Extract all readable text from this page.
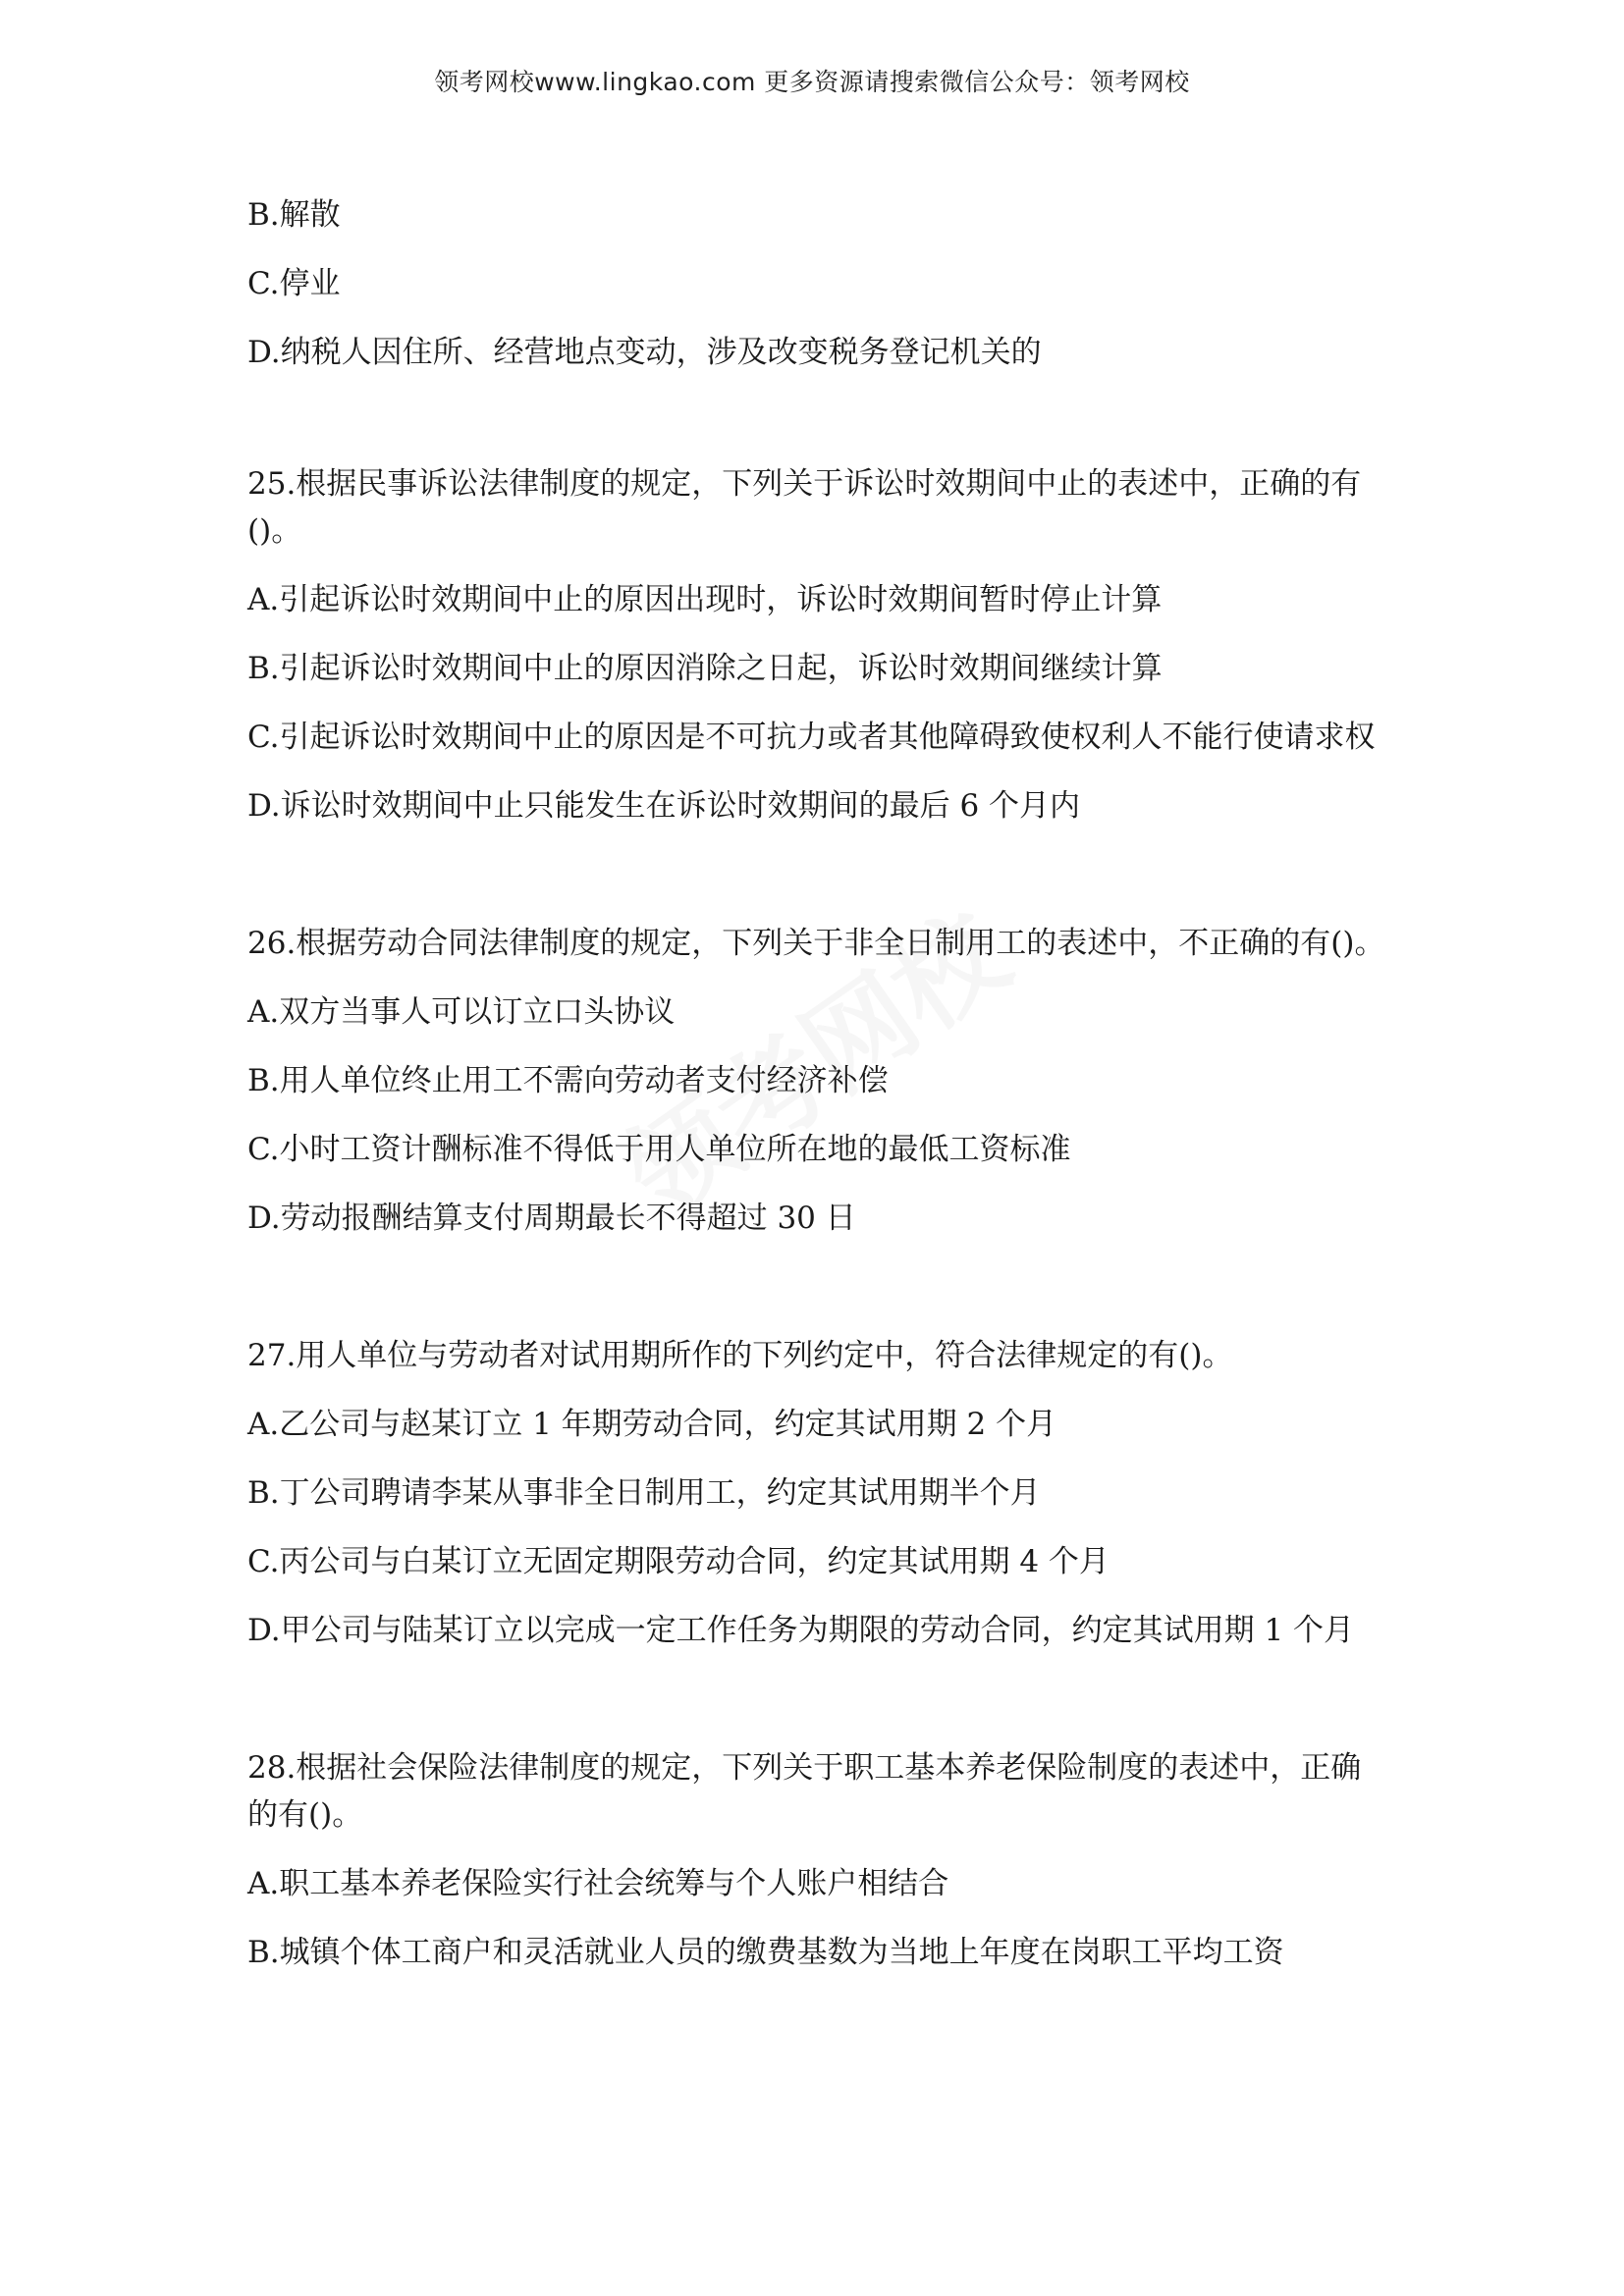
领考网校www.lingkao.com 更多资源请搜索微信公众号：领考网校

B.解散

C.停业

D.纳税人因住所、经营地点变动，涉及改变税务登记机关的

25.根据民事诉讼法律制度的规定，下列关于诉讼时效期间中止的表述中，正确的有()。

A.引起诉讼时效期间中止的原因出现时，诉讼时效期间暂时停止计算

B.引起诉讼时效期间中止的原因消除之日起，诉讼时效期间继续计算

C.引起诉讼时效期间中止的原因是不可抗力或者其他障碍致使权利人不能行使请求权

D.诉讼时效期间中止只能发生在诉讼时效期间的最后 6 个月内

26.根据劳动合同法律制度的规定，下列关于非全日制用工的表述中，不正确的有()。

A.双方当事人可以订立口头协议

B.用人单位终止用工不需向劳动者支付经济补偿

C.小时工资计酬标准不得低于用人单位所在地的最低工资标准

D.劳动报酬结算支付周期最长不得超过 30 日

27.用人单位与劳动者对试用期所作的下列约定中，符合法律规定的有()。

A.乙公司与赵某订立 1 年期劳动合同，约定其试用期 2 个月

B.丁公司聘请李某从事非全日制用工，约定其试用期半个月

C.丙公司与白某订立无固定期限劳动合同，约定其试用期 4 个月

D.甲公司与陆某订立以完成一定工作任务为期限的劳动合同，约定其试用期 1 个月

28.根据社会保险法律制度的规定，下列关于职工基本养老保险制度的表述中，正确的有()。

A.职工基本养老保险实行社会统筹与个人账户相结合

B.城镇个体工商户和灵活就业人员的缴费基数为当地上年度在岗职工平均工资
